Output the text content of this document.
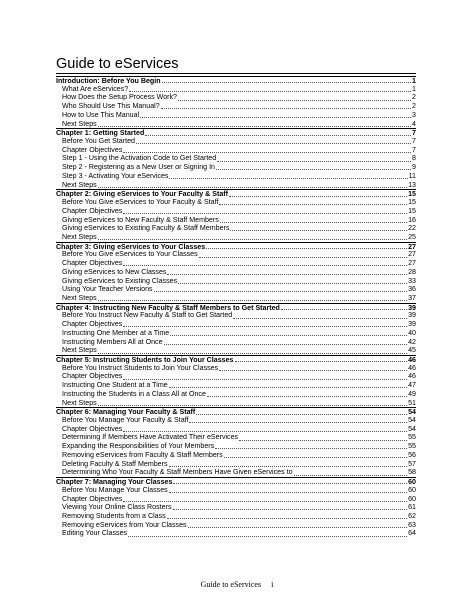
Guide to eServices
Introduction: Before You Begin	1
What Are eServices?	1
How Does the Setup Process Work?	2
Who Should Use This Manual?	2
How to Use This Manual	3
Next Steps	4
Chapter 1: Getting Started	7
Before You Get Started	7
Chapter Objectives	7
Step 1 - Using the Activation Code to Get Started	8
Step 2 - Registering as a New User or Signing In	9
Step 3 - Activating Your eServices	11
Next Steps	13
Chapter 2: Giving eServices to Your Faculty & Staff	15
Before You Give eServices to Your Faculty & Staff	15
Chapter Objectives	15
Giving eServices to New Faculty & Staff Members	16
Giving eServices to Existing Faculty & Staff Members	22
Next Steps	25
Chapter 3: Giving eServices to Your Classes	27
Before You Give eServices to Your Classes	27
Chapter Objectives	27
Giving eServices to New Classes	28
Giving eServices to Existing Classes	33
Using Your Teacher Versions	36
Next Steps	37
Chapter 4: Instructing New Faculty & Staff Members to Get Started	39
Before You Instruct New Faculty & Staff to Get Started	39
Chapter Objectives	39
Instructing One Member at a Time	40
Instructing Members All at Once	42
Next Steps	45
Chapter 5: Instructing Students to Join Your Classes	46
Before You Instruct Students to Join Your Classes	46
Chapter Objectives	46
Instructing One Student at a Time	47
Instructing the Students in a Class All at Once	49
Next Steps	51
Chapter 6: Managing Your Faculty & Staff	54
Before You Manage Your Faculty & Staff	54
Chapter Objectives	54
Determining If Members Have Activated Their eServices	55
Expanding the Responsibilities of Your Members	55
Removing eServices from Faculty & Staff Members	56
Deleting Faculty & Staff Members	57
Determining Who Your Faculty & Staff Members Have Given eServices to	58
Chapter 7: Managing Your Classes	60
Before You Manage Your Classes	60
Chapter Objectives	60
Viewing Your Online Class Rosters	61
Removing Students from a Class	62
Removing eServices from Your Classes	63
Editing Your Classes	64
Guide to eServices i
